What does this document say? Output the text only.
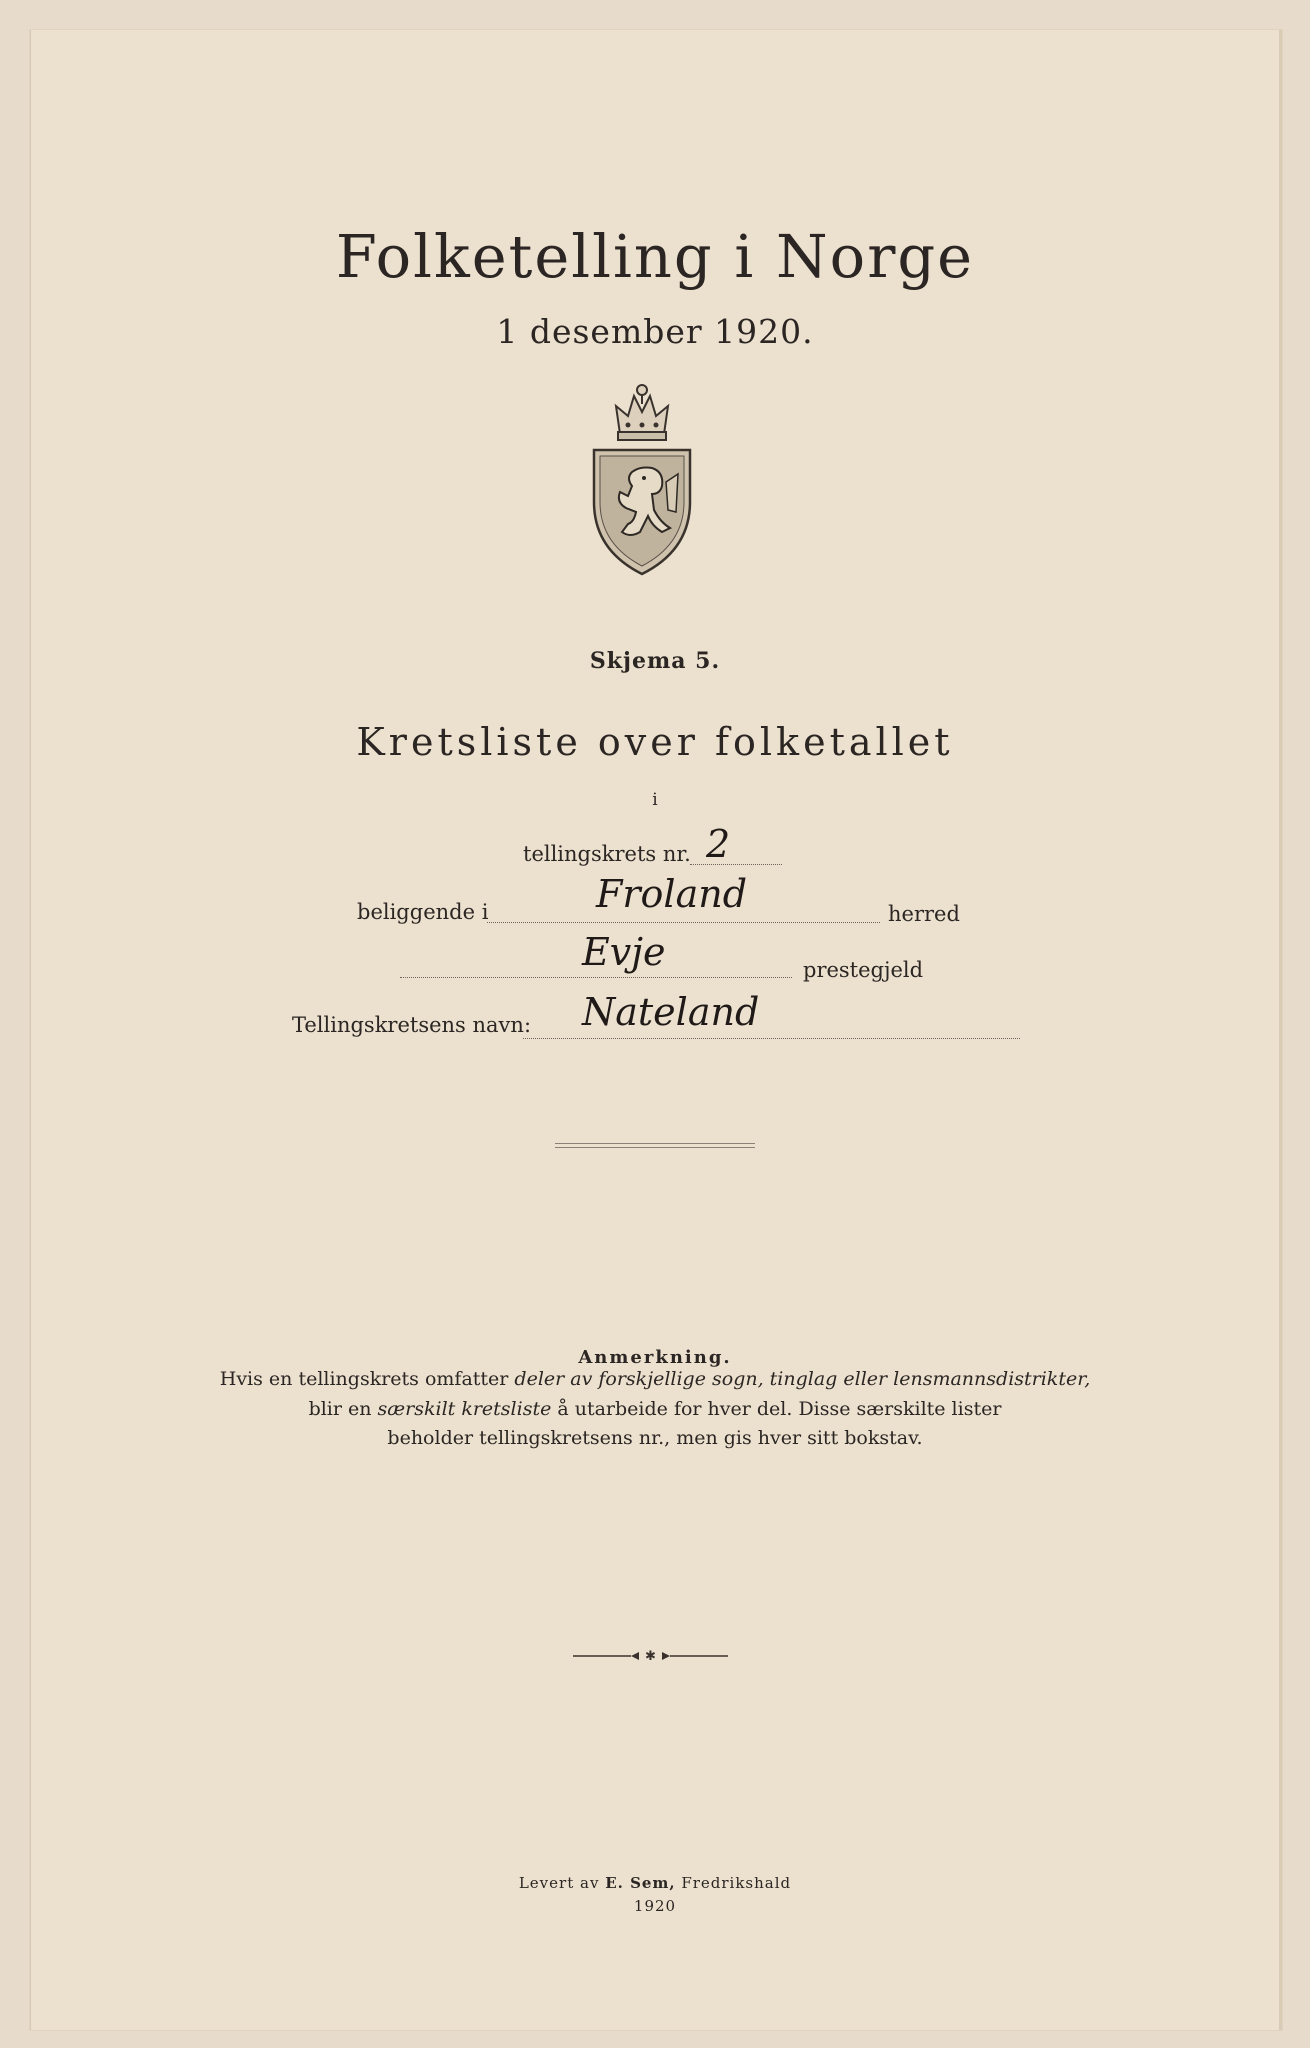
Folketelling i Norge
1 desember 1920.
Skjema 5.
Kretsliste over folketallet
i
tellingskrets nr. 2
beliggende i	Froland	herred
Evje	prestegjeld
Tellingskretsens navn: Nateland
Anmerkning.
Hvis en tellingskrets omfatter deler av forskjellige sogn, tinglag eller lensmannsdistrikter,
blir en særskilt kretsliste å utarbeide for hver del. Disse særskilte lister
beholder tellingskretsens nr., men gis hver sitt bokstav.
✱
Levert av E. Sem, Fredrikshald
1920
